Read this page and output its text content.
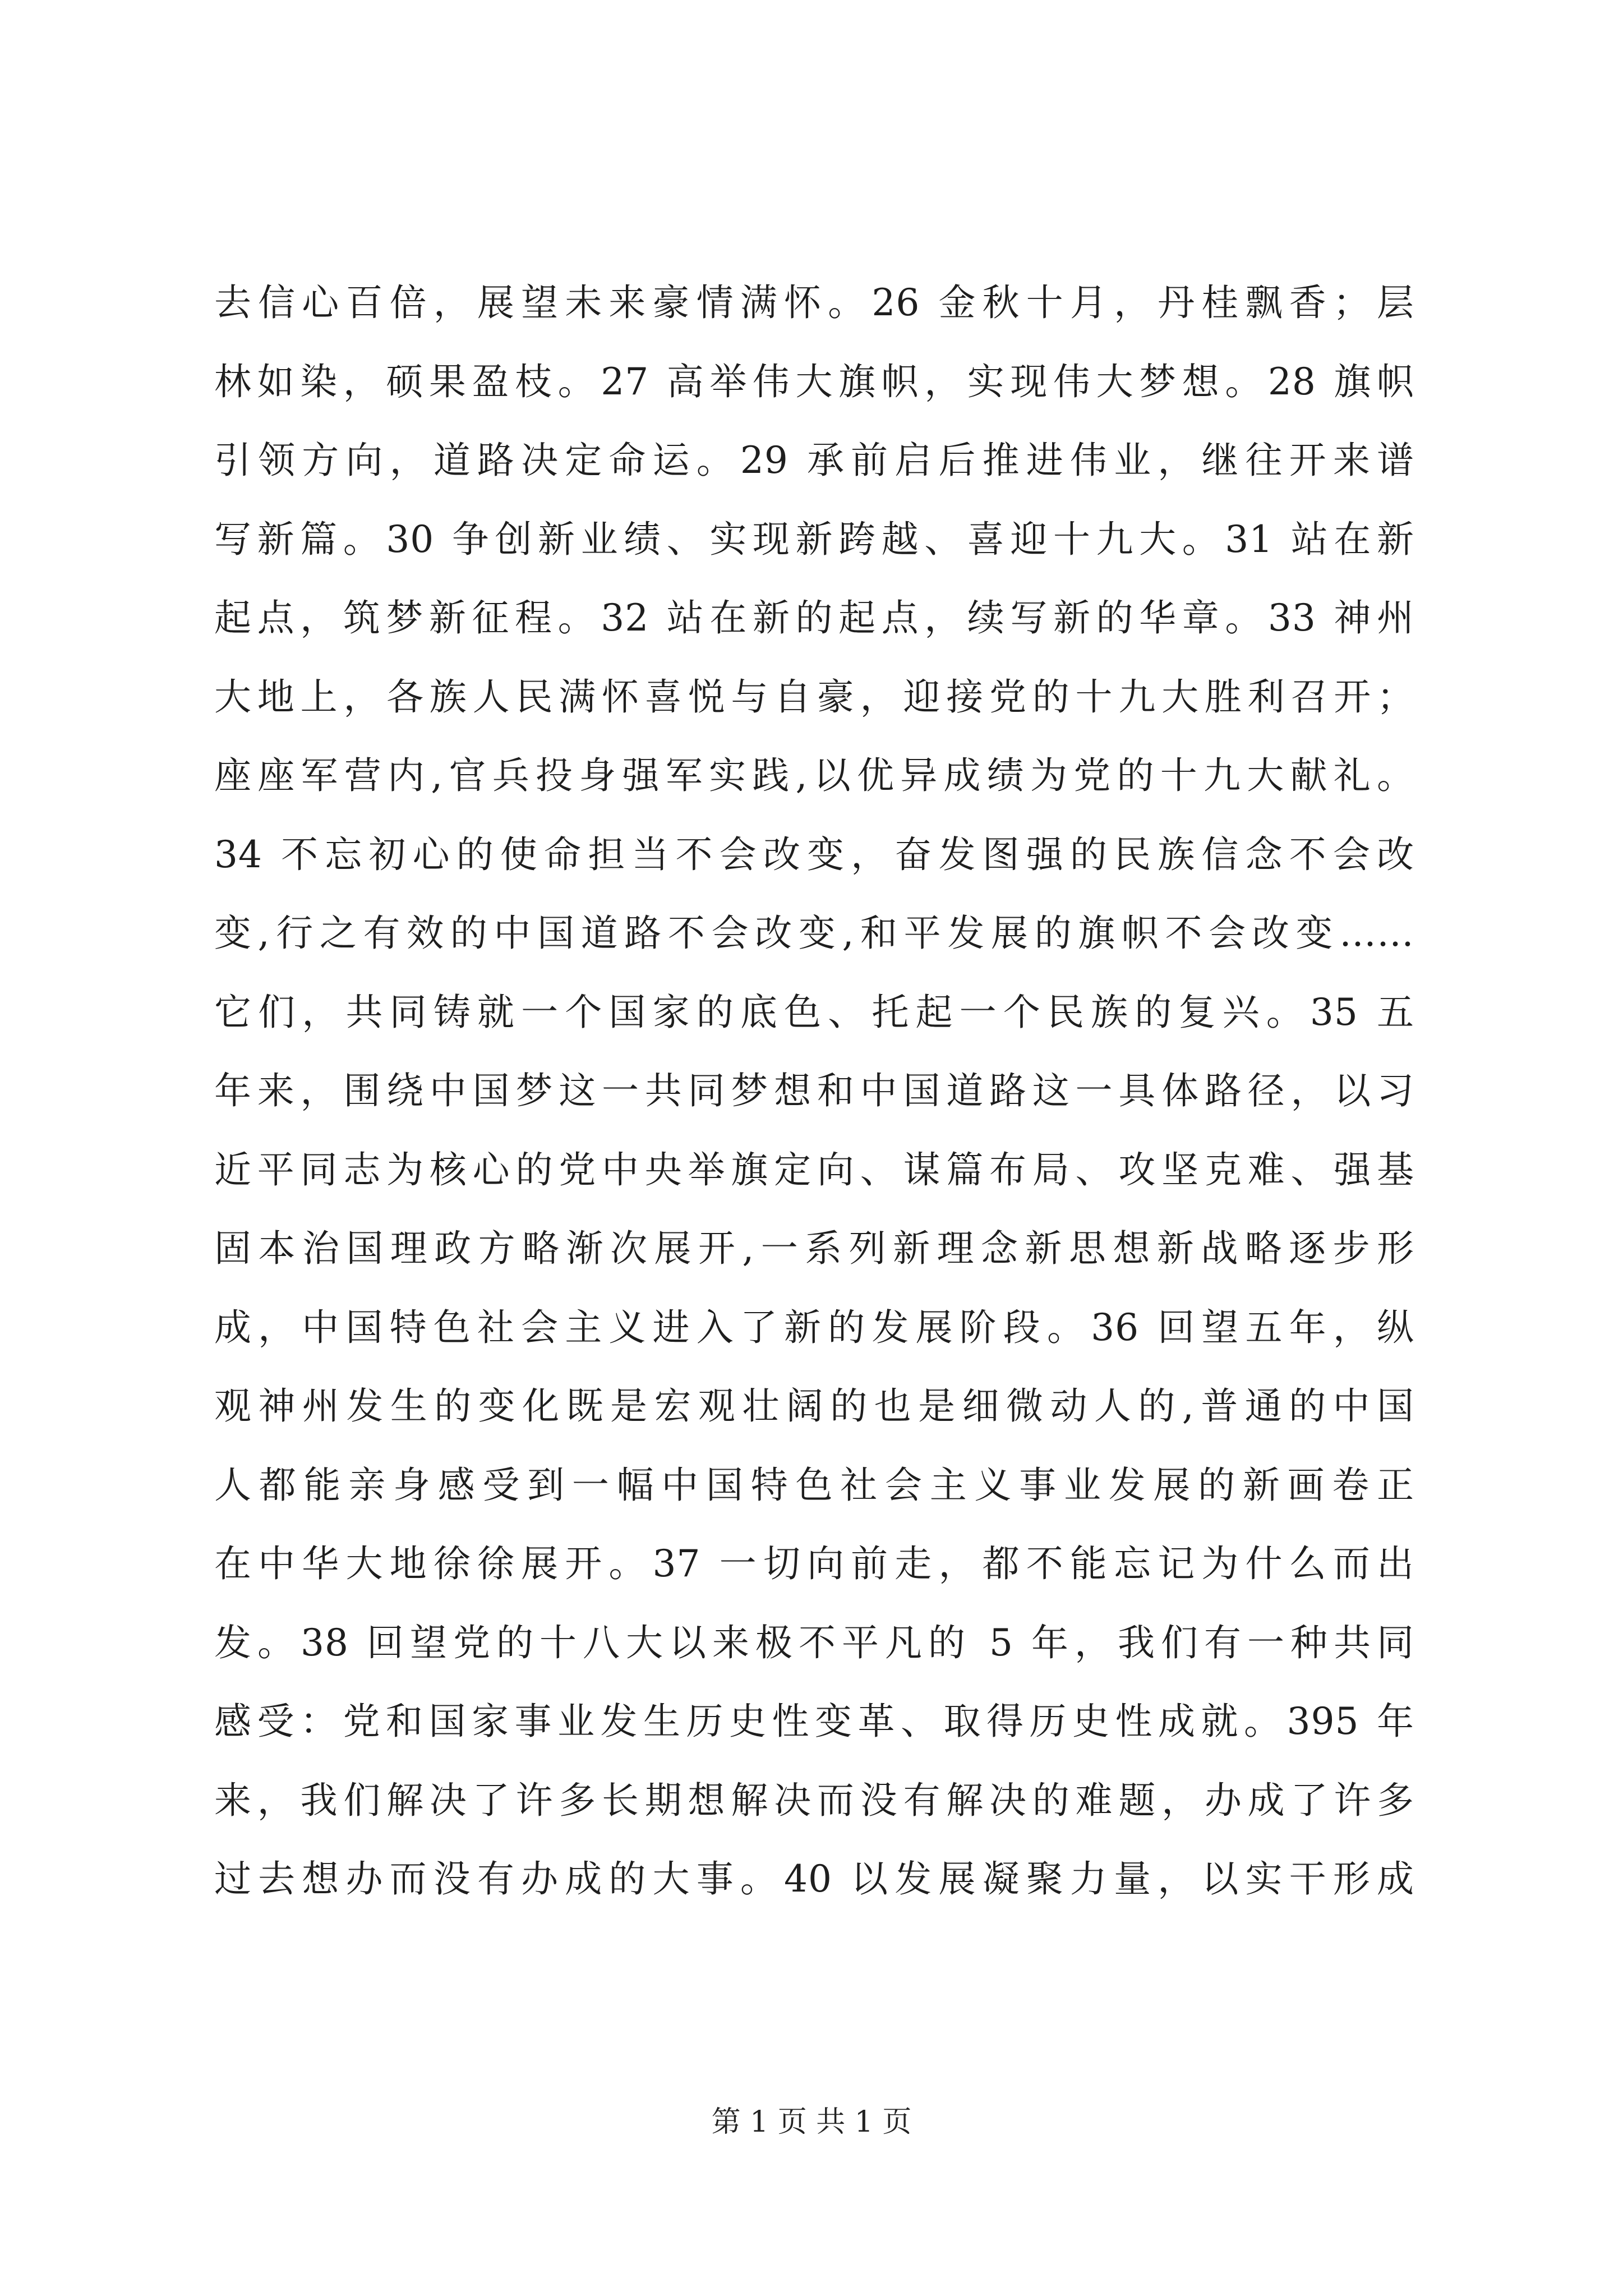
去信心百倍，展望未来豪情满怀。26 金秋十月，丹桂飘香；层
林如染，硕果盈枝。27 高举伟大旗帜，实现伟大梦想。28 旗帜
引领方向，道路决定命运。29 承前启后推进伟业，继往开来谱
写新篇。30 争创新业绩、实现新跨越、喜迎十九大。31 站在新
起点，筑梦新征程。32 站在新的起点，续写新的华章。33 神州
大地上，各族人民满怀喜悦与自豪，迎接党的十九大胜利召开；
座座军营内,官兵投身强军实践,以优异成绩为党的十九大献礼。
34 不忘初心的使命担当不会改变，奋发图强的民族信念不会改
变,行之有效的中国道路不会改变,和平发展的旗帜不会改变……
它们，共同铸就一个国家的底色、托起一个民族的复兴。35 五
年来，围绕中国梦这一共同梦想和中国道路这一具体路径，以习
近平同志为核心的党中央举旗定向、谋篇布局、攻坚克难、强基
固本治国理政方略渐次展开,一系列新理念新思想新战略逐步形
成，中国特色社会主义进入了新的发展阶段。36 回望五年，纵
观神州发生的变化既是宏观壮阔的也是细微动人的,普通的中国
人都能亲身感受到一幅中国特色社会主义事业发展的新画卷正
在中华大地徐徐展开。37 一切向前走，都不能忘记为什么而出
发。38 回望党的十八大以来极不平凡的 5 年，我们有一种共同
感受：党和国家事业发生历史性变革、取得历史性成就。395 年
来，我们解决了许多长期想解决而没有解决的难题，办成了许多
过去想办而没有办成的大事。40 以发展凝聚力量，以实干形成
第 1 页 共 1 页
